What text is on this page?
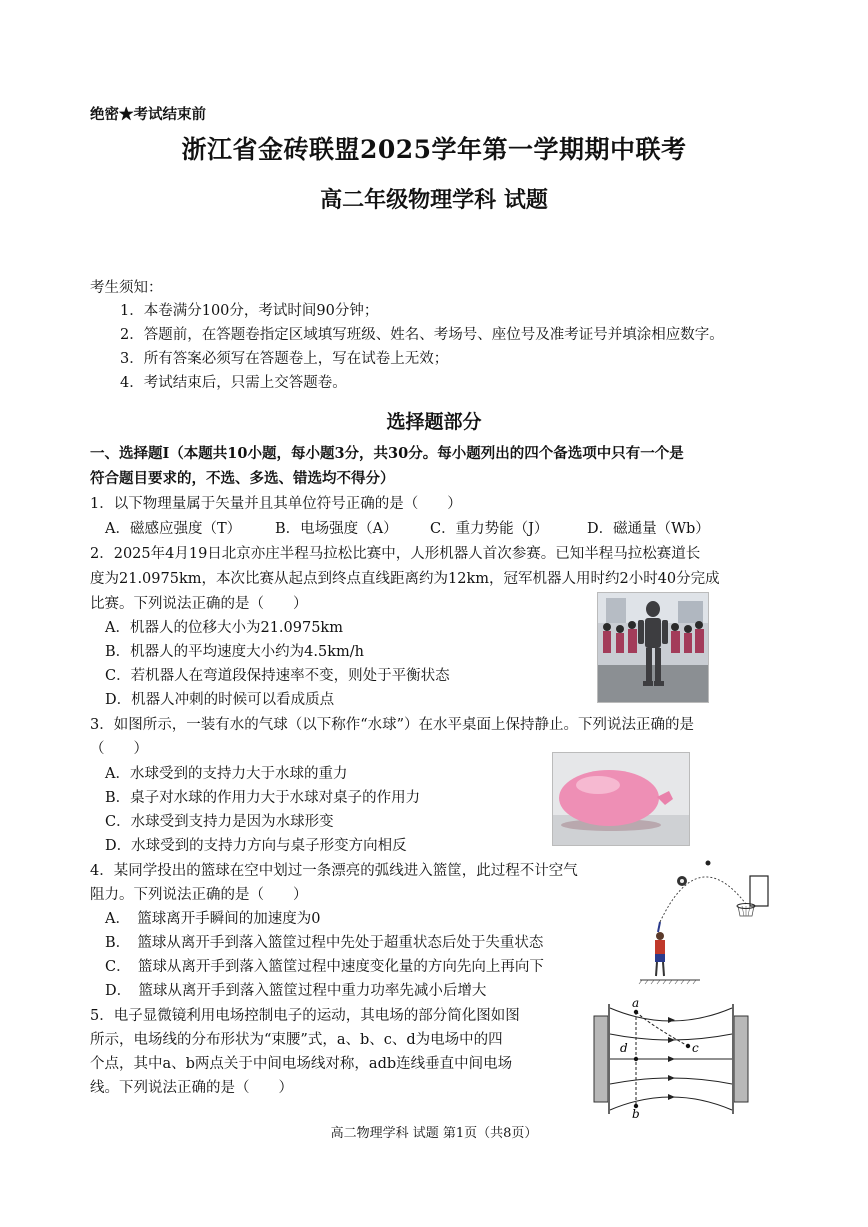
绝密★考试结束前
浙江省金砖联盟2025学年第一学期期中联考
高二年级物理学科 试题
考生须知：
1．本卷满分100分，考试时间90分钟；
2．答题前，在答题卷指定区域填写班级、姓名、考场号、座位号及准考证号并填涂相应数字。
3．所有答案必须写在答题卷上，写在试卷上无效；
4．考试结束后，只需上交答题卷。
选择题部分
一、选择题Ⅰ（本题共10小题，每小题3分，共30分。每小题列出的四个备选项中只有一个是
符合题目要求的，不选、多选、错选均不得分）
1．以下物理量属于矢量并且其单位符号正确的是（　　）
A．磁感应强度（T） B．电场强度（A） C．重力势能（J）	D．磁通量（Wb）
2．2025年4月19日北京亦庄半程马拉松比赛中，人形机器人首次参赛。已知半程马拉松赛道长
度为21.0975km，本次比赛从起点到终点直线距离约为12km，冠军机器人用时约2小时40分完成
比赛。下列说法正确的是（　　）
A．机器人的位移大小为21.0975km
B．机器人的平均速度大小约为4.5km/h
C．若机器人在弯道段保持速率不变，则处于平衡状态
D．机器人冲刺的时候可以看成质点
3．如图所示，一装有水的气球（以下称作“水球”）在水平桌面上保持静止。下列说法正确的是
（　　）
A．水球受到的支持力大于水球的重力
B．桌子对水球的作用力大于水球对桌子的作用力
C．水球受到支持力是因为水球形变
D．水球受到的支持力方向与桌子形变方向相反
4．某同学投出的篮球在空中划过一条漂亮的弧线进入篮筐，此过程不计空气
阻力。下列说法正确的是（　　）
A．　篮球离开手瞬间的加速度为0
B．　篮球从离开手到落入篮筐过程中先处于超重状态后处于失重状态
C．　篮球从离开手到落入篮筐过程中速度变化量的方向先向上再向下
D．　篮球从离开手到落入篮筐过程中重力功率先减小后增大
5．电子显微镜利用电场控制电子的运动，其电场的部分简化图如图
所示，电场线的分布形状为“束腰”式，a、b、c、d为电场中的四
个点，其中a、b两点关于中间电场线对称，adb连线垂直中间电场
线。下列说法正确的是（　　）
a
d	c
b
高二物理学科 试题 第1页（共8页）
